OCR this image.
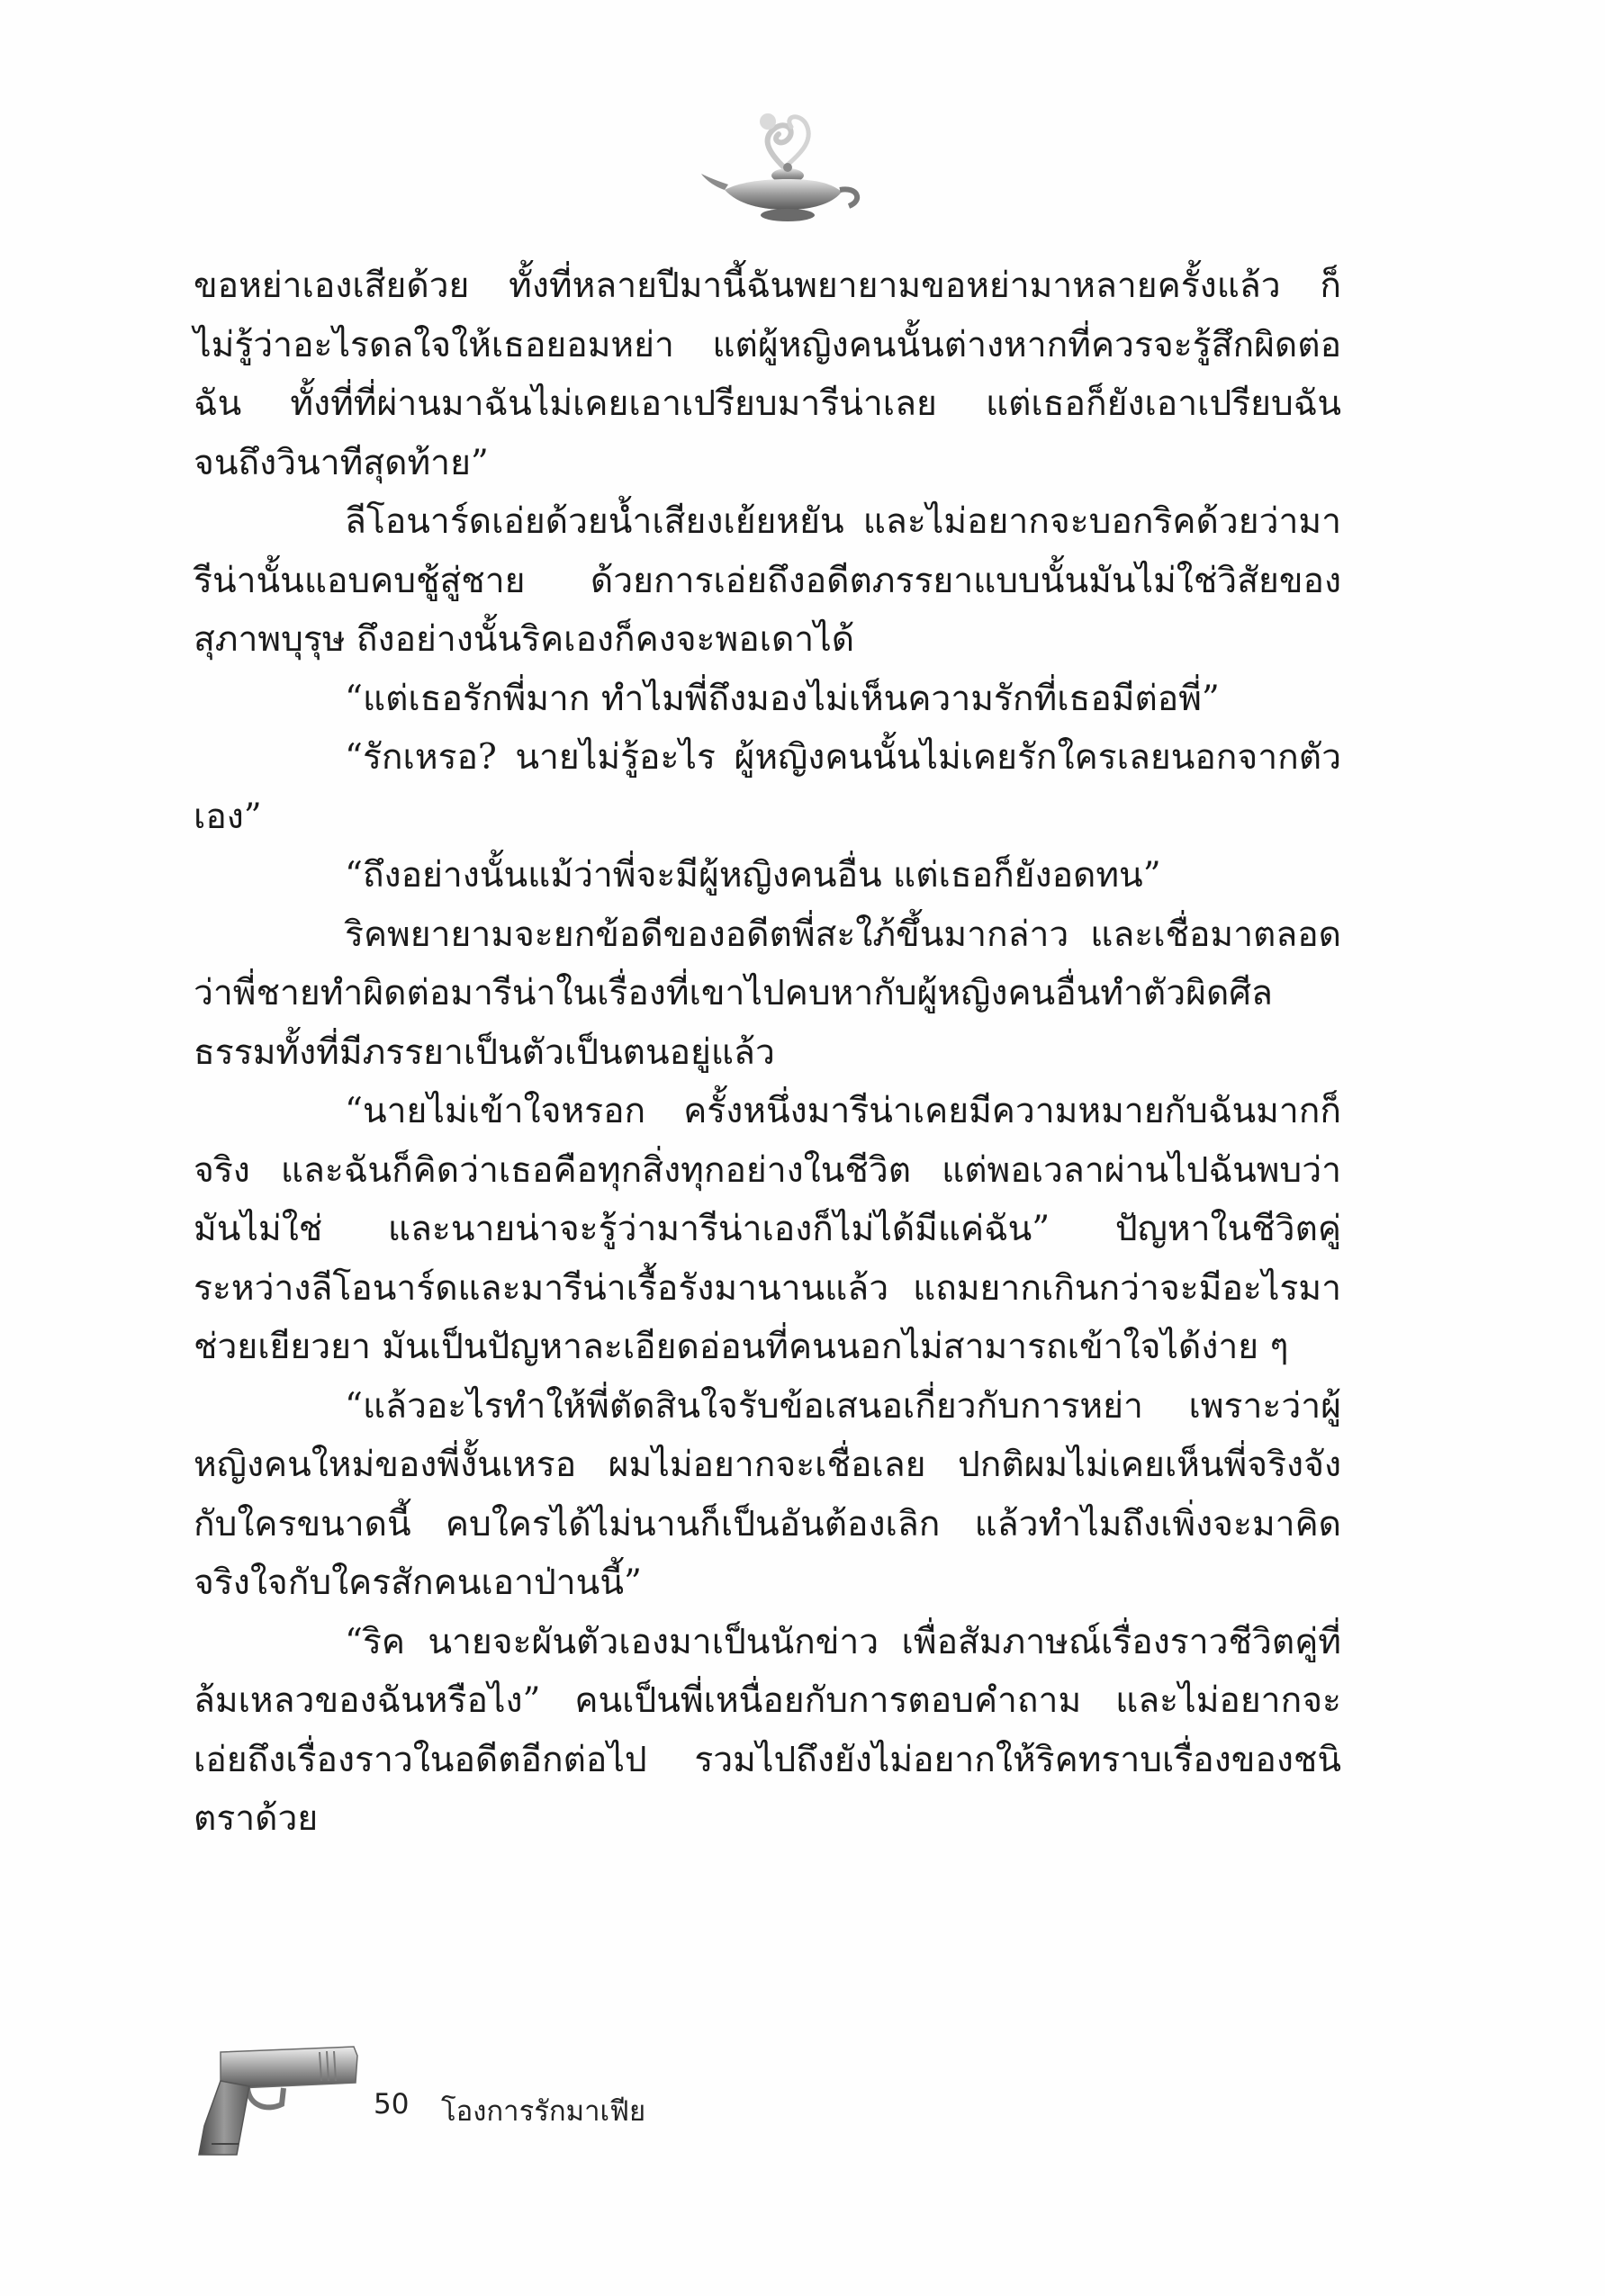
ขอหย่าเองเสียด้วย ทั้งที่หลายปีมานี้ฉันพยายามขอหย่ามาหลายครั้งแล้ว ก็ไม่รู้ว่าอะไรดลใจให้เธอยอมหย่า แต่ผู้หญิงคนนั้นต่างหากที่ควรจะรู้สึกผิดต่อฉัน ทั้งที่ที่ผ่านมาฉันไม่เคยเอาเปรียบมารีน่าเลย แต่เธอก็ยังเอาเปรียบฉันจนถึงวินาทีสุดท้าย”

ลีโอนาร์ดเอ่ยด้วยน้ำเสียงเย้ยหยัน และไม่อยากจะบอกริคด้วยว่ามารีน่านั้นแอบคบชู้สู่ชาย ด้วยการเอ่ยถึงอดีตภรรยาแบบนั้นมันไม่ใช่วิสัยของสุภาพบุรุษ ถึงอย่างนั้นริคเองก็คงจะพอเดาได้

“แต่เธอรักพี่มาก ทำไมพี่ถึงมองไม่เห็นความรักที่เธอมีต่อพี่”

“รักเหรอ? นายไม่รู้อะไร ผู้หญิงคนนั้นไม่เคยรักใครเลยนอกจากตัวเอง”

“ถึงอย่างนั้นแม้ว่าพี่จะมีผู้หญิงคนอื่น แต่เธอก็ยังอดทน”

ริคพยายามจะยกข้อดีของอดีตพี่สะใภ้ขึ้นมากล่าว และเชื่อมาตลอดว่าพี่ชายทำผิดต่อมารีน่าในเรื่องที่เขาไปคบหากับผู้หญิงคนอื่นทำตัวผิดศีลธรรมทั้งที่มีภรรยาเป็นตัวเป็นตนอยู่แล้ว

“นายไม่เข้าใจหรอก ครั้งหนึ่งมารีน่าเคยมีความหมายกับฉันมากก็จริง และฉันก็คิดว่าเธอคือทุกสิ่งทุกอย่างในชีวิต แต่พอเวลาผ่านไปฉันพบว่ามันไม่ใช่ และนายน่าจะรู้ว่ามารีน่าเองก็ไม่ได้มีแค่ฉัน” ปัญหาในชีวิตคู่ระหว่างลีโอนาร์ดและมารีน่าเรื้อรังมานานแล้ว แถมยากเกินกว่าจะมีอะไรมาช่วยเยียวยา มันเป็นปัญหาละเอียดอ่อนที่คนนอกไม่สามารถเข้าใจได้ง่าย ๆ

“แล้วอะไรทำให้พี่ตัดสินใจรับข้อเสนอเกี่ยวกับการหย่า เพราะว่าผู้หญิงคนใหม่ของพี่งั้นเหรอ ผมไม่อยากจะเชื่อเลย ปกติผมไม่เคยเห็นพี่จริงจังกับใครขนาดนี้ คบใครได้ไม่นานก็เป็นอันต้องเลิก แล้วทำไมถึงเพิ่งจะมาคิดจริงใจกับใครสักคนเอาป่านนี้”

“ริค นายจะผันตัวเองมาเป็นนักข่าว เพื่อสัมภาษณ์เรื่องราวชีวิตคู่ที่ล้มเหลวของฉันหรือไง” คนเป็นพี่เหนื่อยกับการตอบคำถาม และไม่อยากจะเอ่ยถึงเรื่องราวในอดีตอีกต่อไป รวมไปถึงยังไม่อยากให้ริคทราบเรื่องของชนิตราด้วย

50 โองการรักมาเฟีย
